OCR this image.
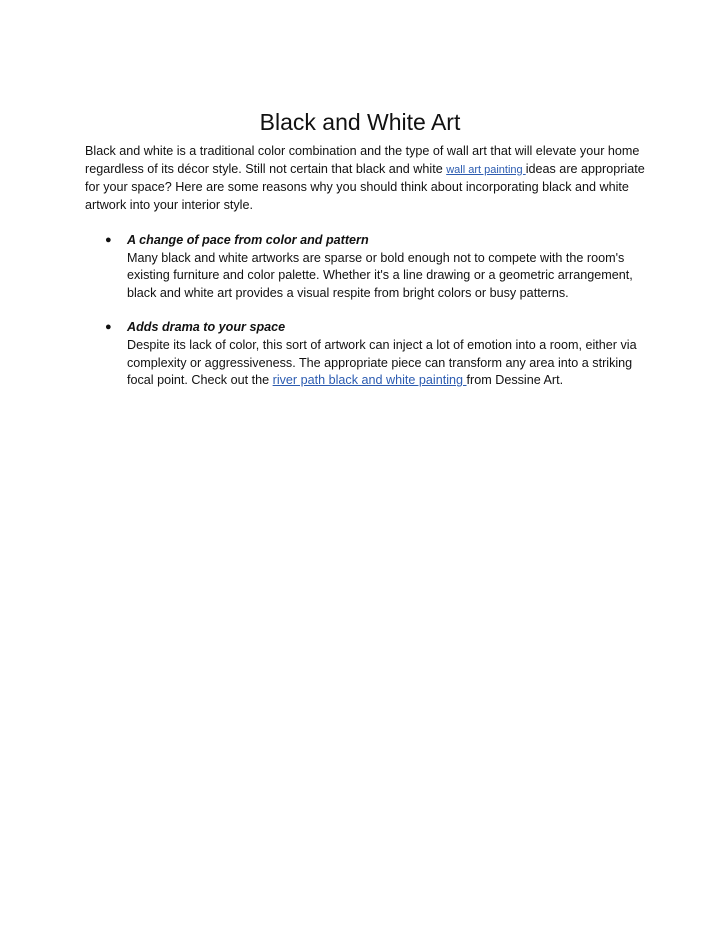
Black and White Art

Black and white is a traditional color combination and the type of wall art that will elevate your home regardless of its décor style. Still not certain that black and white wall art painting ideas are appropriate for your space? Here are some reasons why you should think about incorporating black and white artwork into your interior style.

● A change of pace from color and pattern
Many black and white artworks are sparse or bold enough not to compete with the room's existing furniture and color palette. Whether it's a line drawing or a geometric arrangement, black and white art provides a visual respite from bright colors or busy patterns.
● Adds drama to your space
Despite its lack of color, this sort of artwork can inject a lot of emotion into a room, either via complexity or aggressiveness. The appropriate piece can transform any area into a striking focal point. Check out the river path black and white painting from Dessine Art.
